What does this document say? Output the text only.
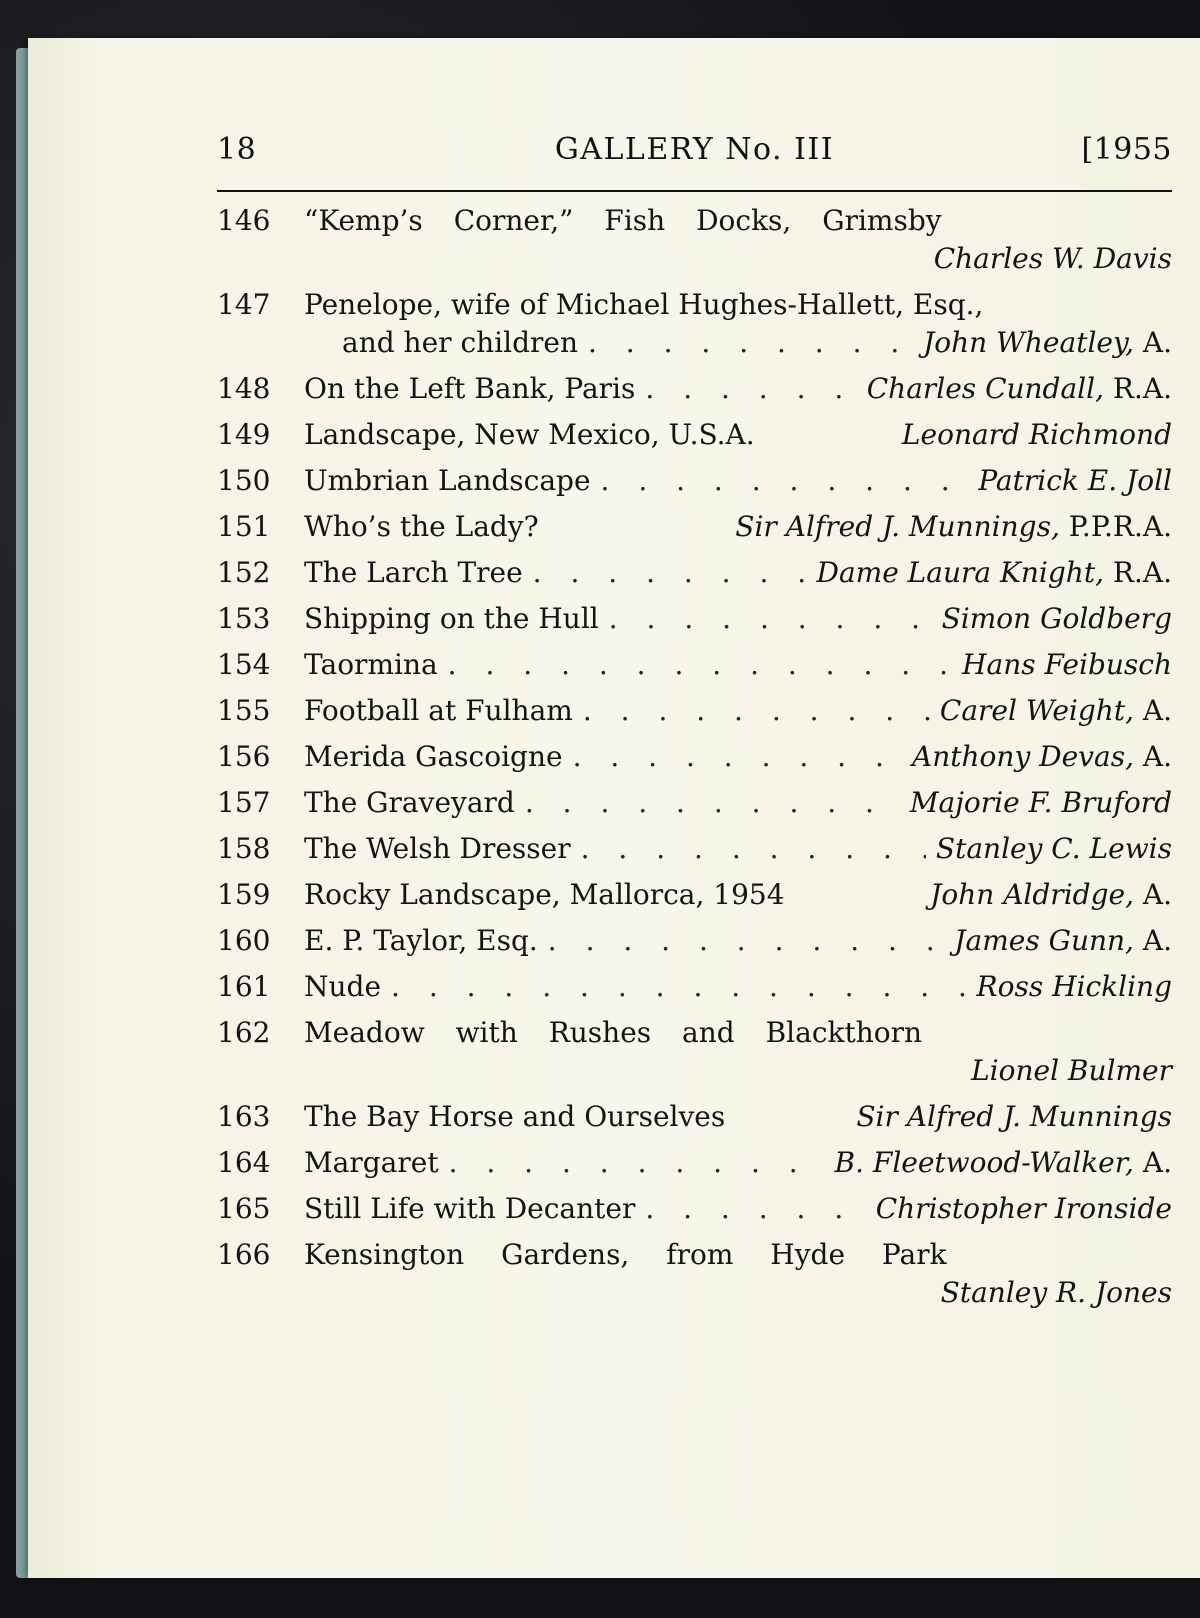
GALLERY No. III
18	[1955
146	“Kemp’s Corner,” Fish Docks, Grimsby
Charles W. Davis
147	Penelope, wife of Michael Hughes-Hallett, Esq.,
and her children . . .	John Wheatley, A.
148	On the Left Bank, Paris . . .	Charles Cundall, R.A.
149	Landscape, New Mexico, U.S.A.	Leonard Richmond
150	Umbrian Landscape . . .	Patrick E. Joll
151	Who’s the Lady?	Sir Alfred J. Munnings, P.P.R.A.
152	The Larch Tree . . .	Dame Laura Knight, R.A.
153	Shipping on the Hull . . .	Simon Goldberg
154	Taormina . . .	Hans Feibusch
155	Football at Fulham . . .	Carel Weight, A.
156	Merida Gascoigne . . .	Anthony Devas, A.
157	The Graveyard . . .	Majorie F. Bruford
158	The Welsh Dresser . . .	Stanley C. Lewis
159	Rocky Landscape, Mallorca, 1954	John Aldridge, A.
160	E. P. Taylor, Esq. . . .	James Gunn, A.
161	Nude . . .	Ross Hickling
162	Meadow with Rushes and Blackthorn
Lionel Bulmer
163	The Bay Horse and Ourselves	Sir Alfred J. Munnings
164	Margaret . . .	B. Fleetwood-Walker, A.
165	Still Life with Decanter . . .	Christopher Ironside
166	Kensington Gardens, from Hyde Park
Stanley R. Jones
